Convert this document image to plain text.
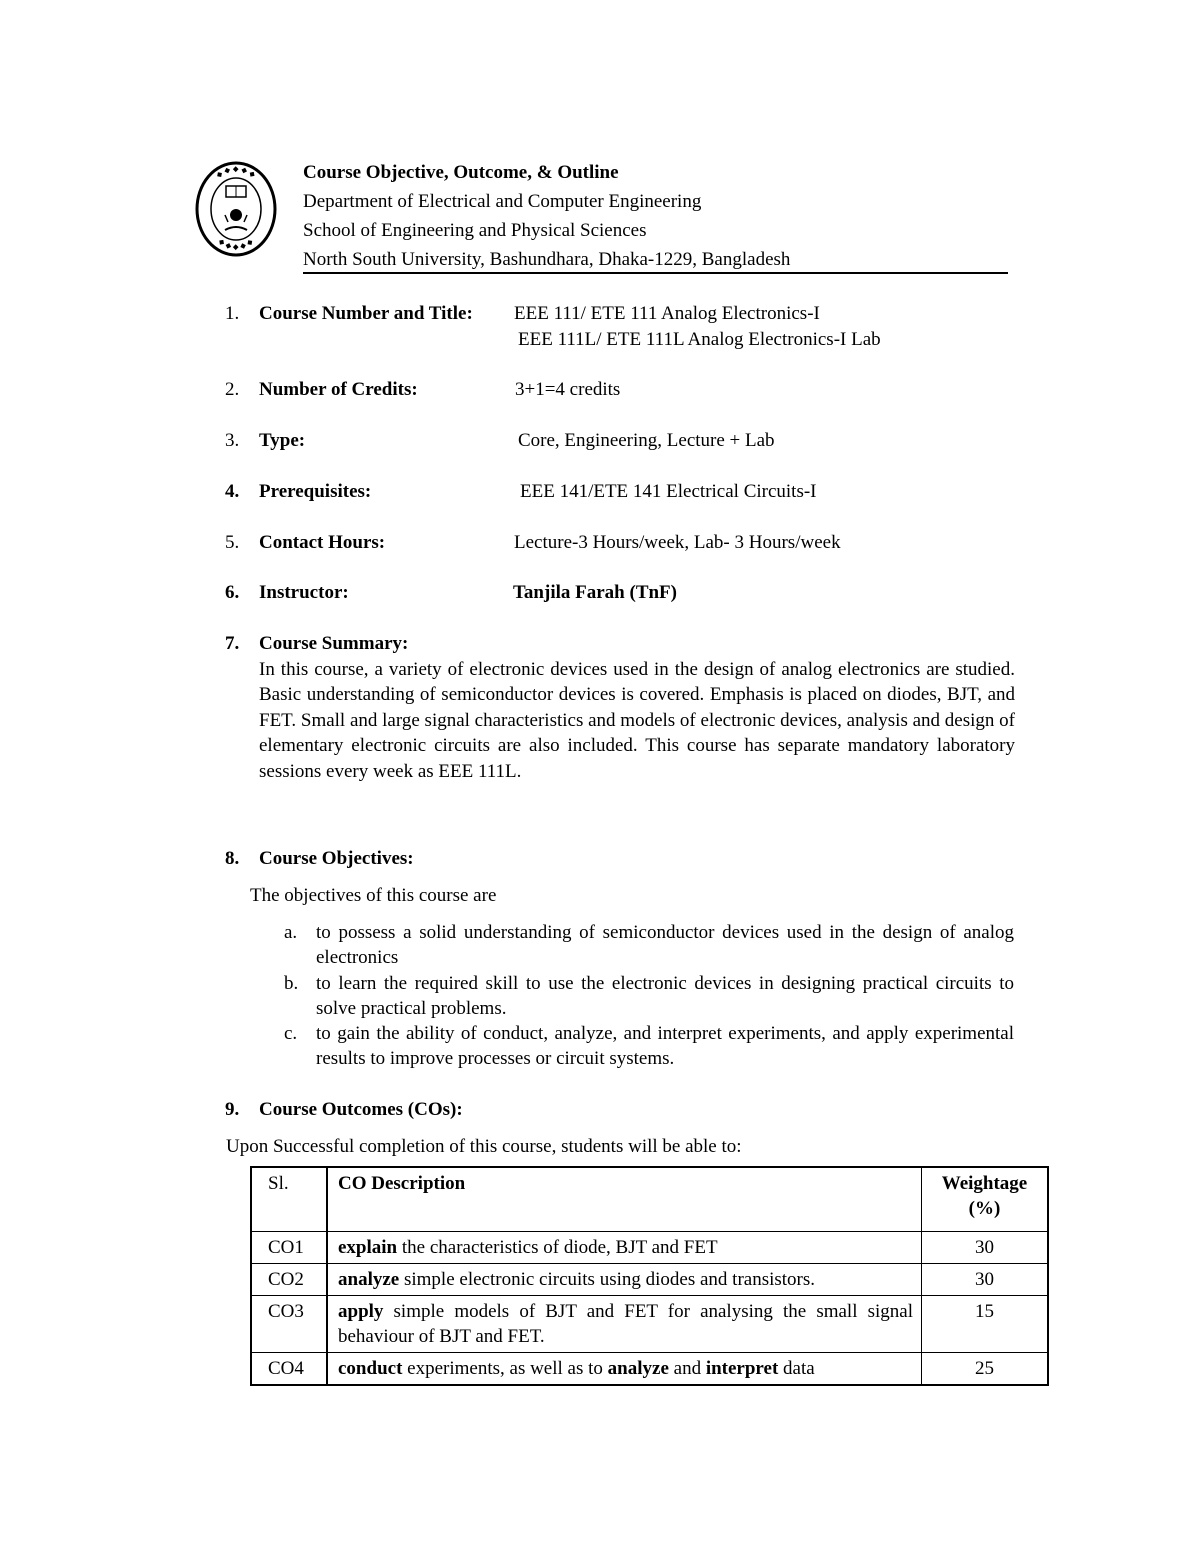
◆ ◆ ◆ ◆ ◆
◆ ◆ ◆ ◆ ◆
Course Objective, Outcome, & Outline
Department of Electrical and Computer Engineering
School of Engineering and Physical Sciences
North South University, Bashundhara, Dhaka-1229, Bangladesh
1. Course Number and Title: EEE 111/ ETE 111 Analog Electronics-I
EEE 111L/ ETE 111L Analog Electronics-I Lab
2. Number of Credits:	3+1=4 credits
3. Type:	Core, Engineering, Lecture + Lab
4. Prerequisites:	EEE 141/ETE 141 Electrical Circuits-I
5. Contact Hours:	Lecture-3 Hours/week, Lab- 3 Hours/week
6. Instructor:	Tanjila Farah (TnF)
7. Course Summary:
In this course, a variety of electronic devices used in the design of analog electronics are studied. Basic understanding of semiconductor devices is covered. Emphasis is placed on diodes, BJT, and FET. Small and large signal characteristics and models of electronic devices, analysis and design of elementary electronic circuits are also included. This course has separate mandatory laboratory sessions every week as EEE 111L.
8. Course Objectives:
The objectives of this course are
a. to possess a solid understanding of semiconductor devices used in the design of analog electronics
b. to learn the required skill to use the electronic devices in designing practical circuits to solve practical problems.
c. to gain the ability of conduct, analyze, and interpret experiments, and apply experimental results to improve processes or circuit systems.
9. Course Outcomes (COs):
Upon Successful completion of this course, students will be able to:
Sl.	CO Description	Weightage (%)
CO1	explain the characteristics of diode, BJT and FET	30
CO2	analyze simple electronic circuits using diodes and transistors.	30
CO3	apply simple models of BJT and FET for analysing the small signal behaviour of BJT and FET.	15
CO4	conduct experiments, as well as to analyze and interpret data	25
